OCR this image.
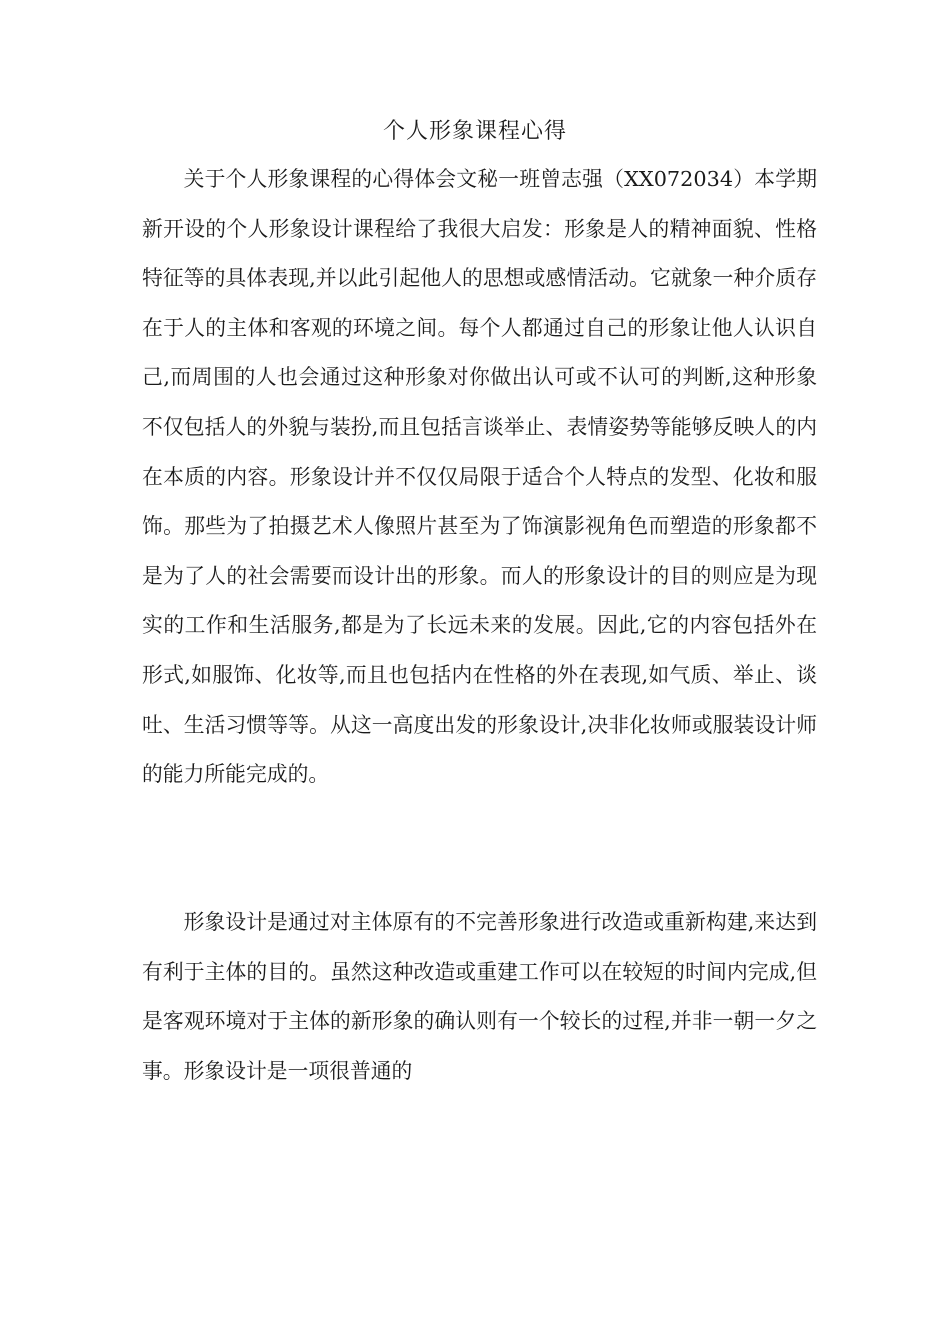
个人形象课程心得

关于个人形象课程的心得体会文秘一班曾志强（XX072034）本学期新开设的个人形象设计课程给了我很大启发：形象是人的精神面貌、性格特征等的具体表现,并以此引起他人的思想或感情活动。它就象一种介质存在于人的主体和客观的环境之间。每个人都通过自己的形象让他人认识自己,而周围的人也会通过这种形象对你做出认可或不认可的判断,这种形象不仅包括人的外貌与装扮,而且包括言谈举止、表情姿势等能够反映人的内在本质的内容。形象设计并不仅仅局限于适合个人特点的发型、化妆和服饰。那些为了拍摄艺术人像照片甚至为了饰演影视角色而塑造的形象都不是为了人的社会需要而设计出的形象。而人的形象设计的目的则应是为现实的工作和生活服务,都是为了长远未来的发展。因此,它的内容包括外在形式,如服饰、化妆等,而且也包括内在性格的外在表现,如气质、举止、谈吐、生活习惯等等。从这一高度出发的形象设计,决非化妆师或服装设计师的能力所能完成的。

形象设计是通过对主体原有的不完善形象进行改造或重新构建,来达到有利于主体的目的。虽然这种改造或重建工作可以在较短的时间内完成,但是客观环境对于主体的新形象的确认则有一个较长的过程,并非一朝一夕之事。形象设计是一项很普通的
